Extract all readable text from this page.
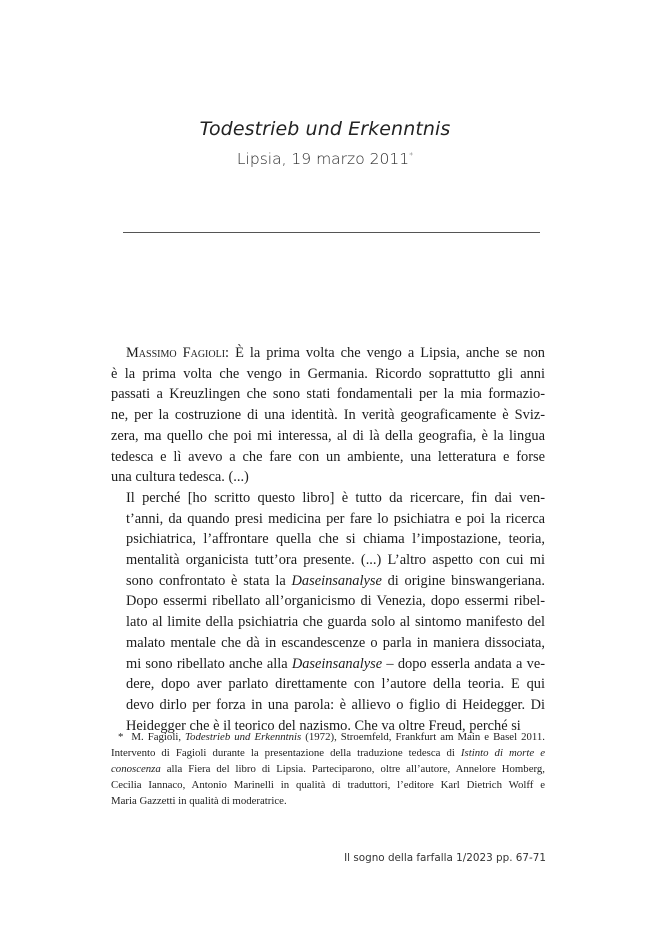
Todestrieb und Erkenntnis
Lipsia, 19 marzo 2011*

Massimo Fagioli: È la prima volta che vengo a Lipsia, anche se non
è la prima volta che vengo in Germania. Ricordo soprattutto gli anni
passati a Kreuzlingen che sono stati fondamentali per la mia formazio-
ne, per la costruzione di una identità. In verità geograficamente è Sviz-
zera, ma quello che poi mi interessa, al di là della geografia, è la lingua
tedesca e lì avevo a che fare con un ambiente, una letteratura e forse
una cultura tedesca. (...)

Il perché [ho scritto questo libro] è tutto da ricercare, fin dai ven-
t’anni, da quando presi medicina per fare lo psichiatra e poi la ricerca
psichiatrica, l’affrontare quella che si chiama l’impostazione, teoria,
mentalità organicista tutt’ora presente. (...) L’altro aspetto con cui mi
sono confrontato è stata la Daseinsanalyse di origine binswangeriana.
Dopo essermi ribellato all’organicismo di Venezia, dopo essermi ribel-
lato al limite della psichiatria che guarda solo al sintomo manifesto del
malato mentale che dà in escandescenze o parla in maniera dissociata,
mi sono ribellato anche alla Daseinsanalyse – dopo esserla andata a ve-
dere, dopo aver parlato direttamente con l’autore della teoria. E qui
devo dirlo per forza in una parola: è allievo o figlio di Heidegger. Di
Heidegger che è il teorico del nazismo. Che va oltre Freud, perché si

* M. Fagioli, Todestrieb und Erkenntnis (1972), Stroemfeld, Frankfurt am Main e Basel 2011.
Intervento di Fagioli durante la presentazione della traduzione tedesca di Istinto di morte e
conoscenza alla Fiera del libro di Lipsia. Parteciparono, oltre all’autore, Annelore Homberg,
Cecilia Iannaco, Antonio Marinelli in qualità di traduttori, l’editore Karl Dietrich Wolff e
Maria Gazzetti in qualità di moderatrice.
Il sogno della farfalla 1/2023 pp. 67-71
